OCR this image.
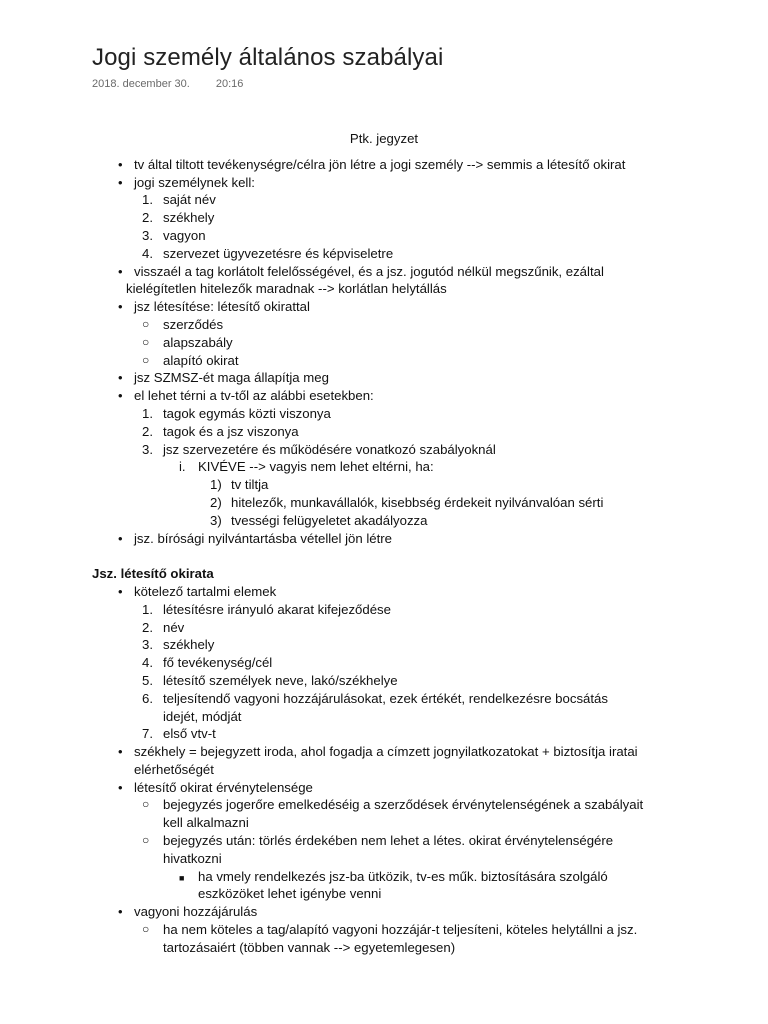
Jogi személy általános szabályai
2018. december 30. 20:16
Ptk. jegyzet
• tv által tiltott tevékenységre/célra jön létre a jogi személy --> semmis a létesítő okirat
• jogi személynek kell:
1. saját név
2. székhely
3. vagyon
4. szervezet ügyvezetésre és képviseletre
• visszaél a tag korlátolt felelősségével, és a jsz. jogutód nélkül megszűnik, ezáltal
kielégítetlen hitelezők maradnak --> korlátlan helytállás
• jsz létesítése: létesítő okirattal
○ szerződés
○ alapszabály
○ alapító okirat
• jsz SZMSZ-ét maga állapítja meg
• el lehet térni a tv-től az alábbi esetekben:
1. tagok egymás közti viszonya
2. tagok és a jsz viszonya
3. jsz szervezetére és működésére vonatkozó szabályoknál
i. KIVÉVE --> vagyis nem lehet eltérni, ha:
1) tv tiltja
2) hitelezők, munkavállalók, kisebbség érdekeit nyilvánvalóan sérti
3) tvességi felügyeletet akadályozza
• jsz. bírósági nyilvántartásba vétellel jön létre
Jsz. létesítő okirata
• kötelező tartalmi elemek
1. létesítésre irányuló akarat kifejeződése
2. név
3. székhely
4. fő tevékenység/cél
5. létesítő személyek neve, lakó/székhelye
6. teljesítendő vagyoni hozzájárulásokat, ezek értékét, rendelkezésre bocsátás
idejét, módját
7. első vtv-t
• székhely = bejegyzett iroda, ahol fogadja a címzett jognyilatkozatokat + biztosítja iratai
elérhetőségét
• létesítő okirat érvénytelensége
○ bejegyzés jogerőre emelkedéséig a szerződések érvénytelenségének a szabályait
kell alkalmazni
○ bejegyzés után: törlés érdekében nem lehet a létes. okirat érvénytelenségére
hivatkozni
■ ha vmely rendelkezés jsz-ba ütközik, tv-es műk. biztosítására szolgáló
eszközöket lehet igénybe venni
• vagyoni hozzájárulás
○ ha nem köteles a tag/alapító vagyoni hozzájár-t teljesíteni, köteles helytállni a jsz.
tartozásaiért (többen vannak --> egyetemlegesen)
